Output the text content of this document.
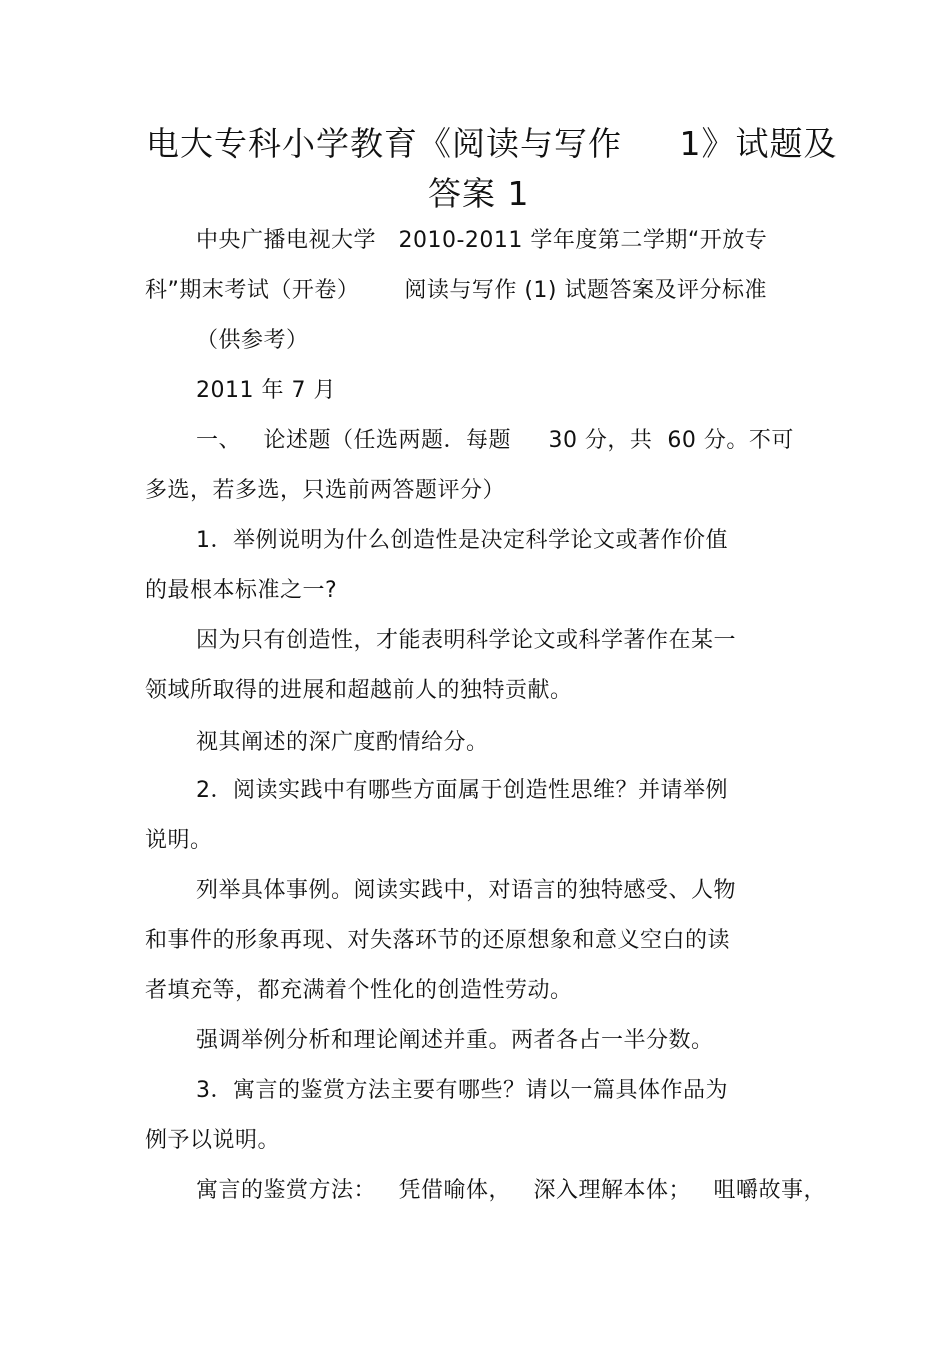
电大专科小学教育《阅读与写作     1》试题及
答案 1
中央广播电视大学   2010-2011 学年度第二学期“开放专
科”期末考试（开卷）      阅读与写作 (1) 试题答案及评分标准
（供参考）
2011 年 7 月
一、   论述题（任选两题．每题     30 分，共  60 分。不可
多选，若多选，只选前两答题评分）
1．举例说明为什么创造性是决定科学论文或著作价值
的最根本标准之一?
因为只有创造性，才能表明科学论文或科学著作在某一
领域所取得的进展和超越前人的独特贡献。
视其阐述的深广度酌情给分。
2．阅读实践中有哪些方面属于创造性思维？并请举例
说明。
列举具体事例。阅读实践中，对语言的独特感受、人物
和事件的形象再现、对失落环节的还原想象和意义空白的读
者填充等，都充满着个性化的创造性劳动。
强调举例分析和理论阐述并重。两者各占一半分数。
3．寓言的鉴赏方法主要有哪些？请以一篇具体作品为
例予以说明。
寓言的鉴赏方法：   凭借喻体，   深入理解本体；   咀嚼故事，
